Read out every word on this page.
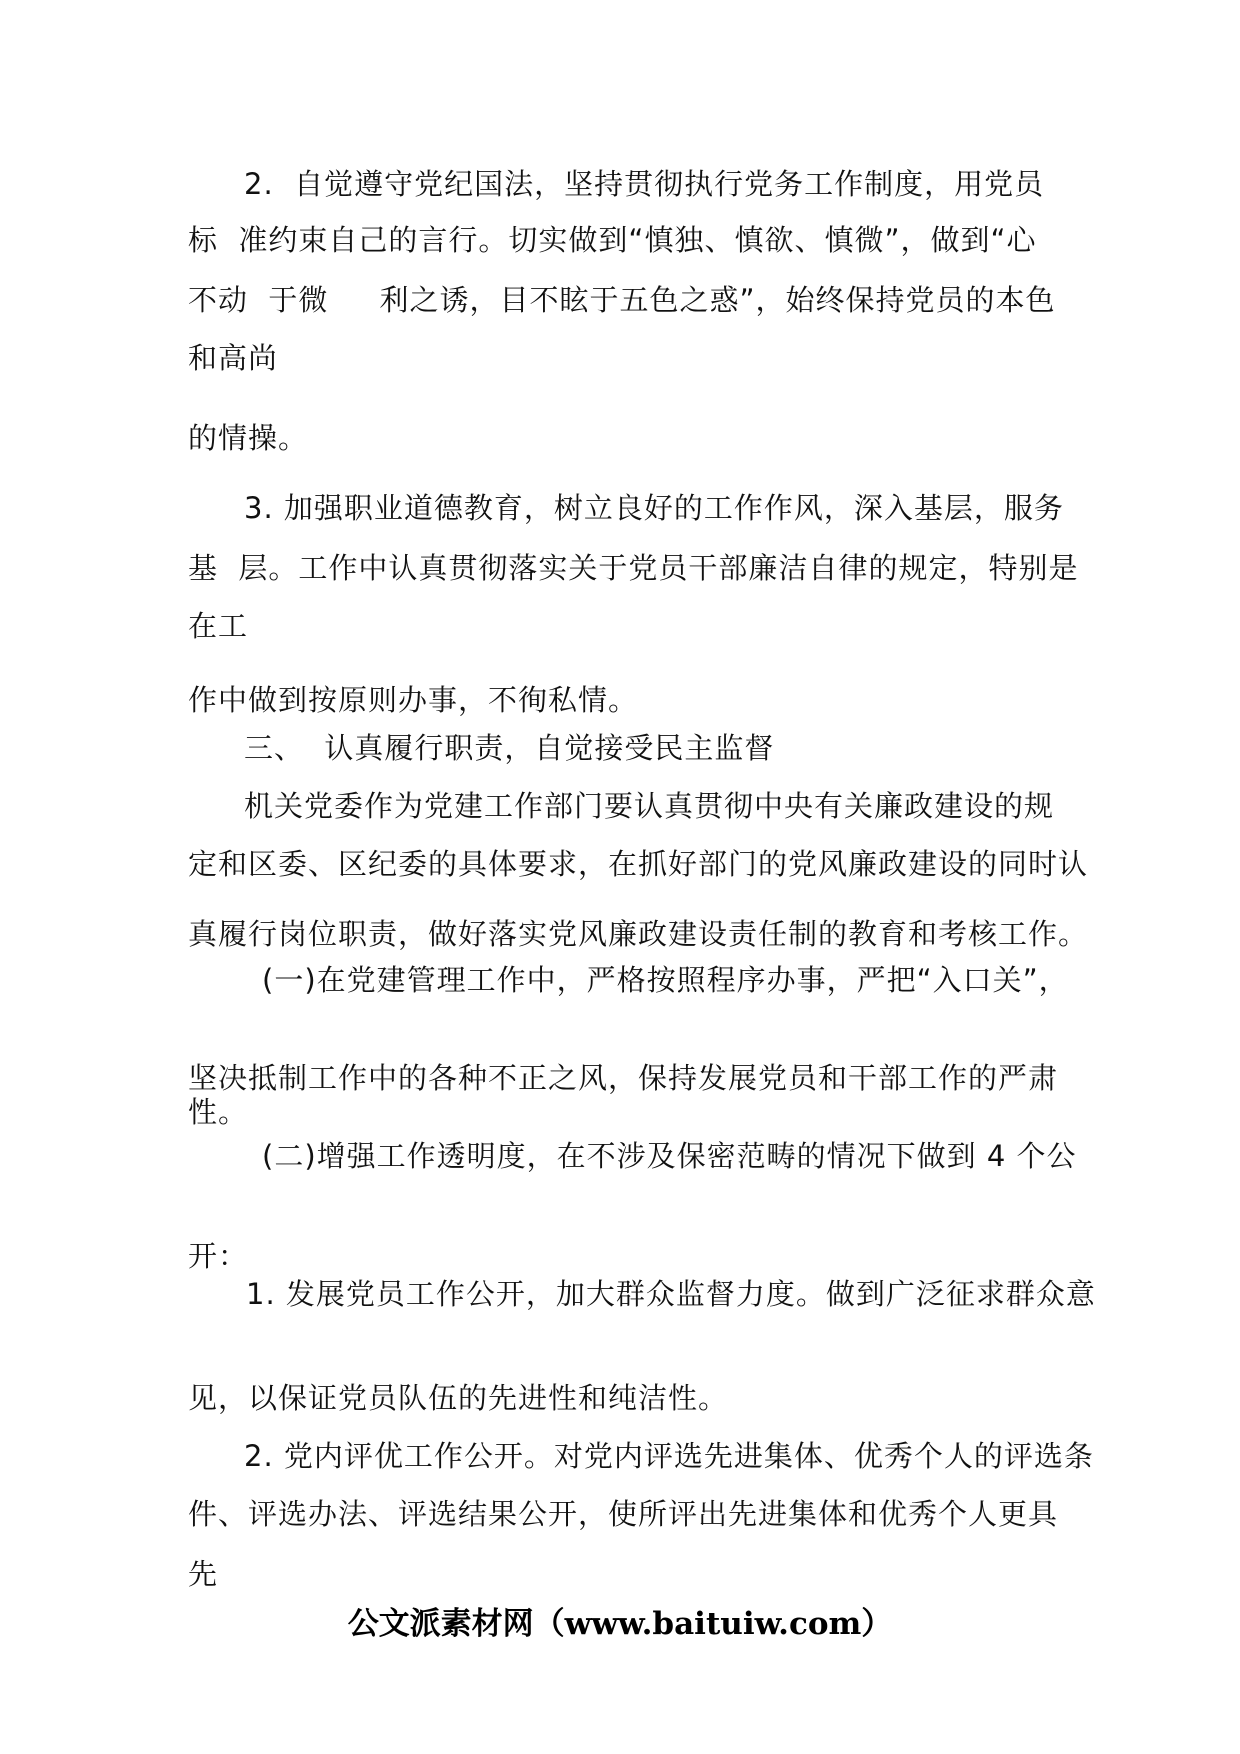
2.  自觉遵守党纪国法，坚持贯彻执行党务工作制度，用党员
标  准约束自己的言行。切实做到“慎独、慎欲、慎微”，做到“心
不动  于微     利之诱，目不眩于五色之惑”，始终保持党员的本色
和高尚
的情操。
3. 加强职业道德教育，树立良好的工作作风，深入基层，服务
基  层。工作中认真贯彻落实关于党员干部廉洁自律的规定，特别是
在工
作中做到按原则办事，不徇私情。
三、  认真履行职责，自觉接受民主监督
机关党委作为党建工作部门要认真贯彻中央有关廉政建设的规
定和区委、区纪委的具体要求，在抓好部门的党风廉政建设的同时认
真履行岗位职责，做好落实党风廉政建设责任制的教育和考核工作。
(一)在党建管理工作中，严格按照程序办事，严把“入口关”，
坚决抵制工作中的各种不正之风，保持发展党员和干部工作的严肃
性。
(二)增强工作透明度，在不涉及保密范畴的情况下做到 4 个公
开：
1. 发展党员工作公开，加大群众监督力度。做到广泛征求群众意
见，以保证党员队伍的先进性和纯洁性。
2. 党内评优工作公开。对党内评选先进集体、优秀个人的评选条
件、评选办法、评选结果公开，使所评出先进集体和优秀个人更具
先
公文派素材网（www.baituiw.com）
